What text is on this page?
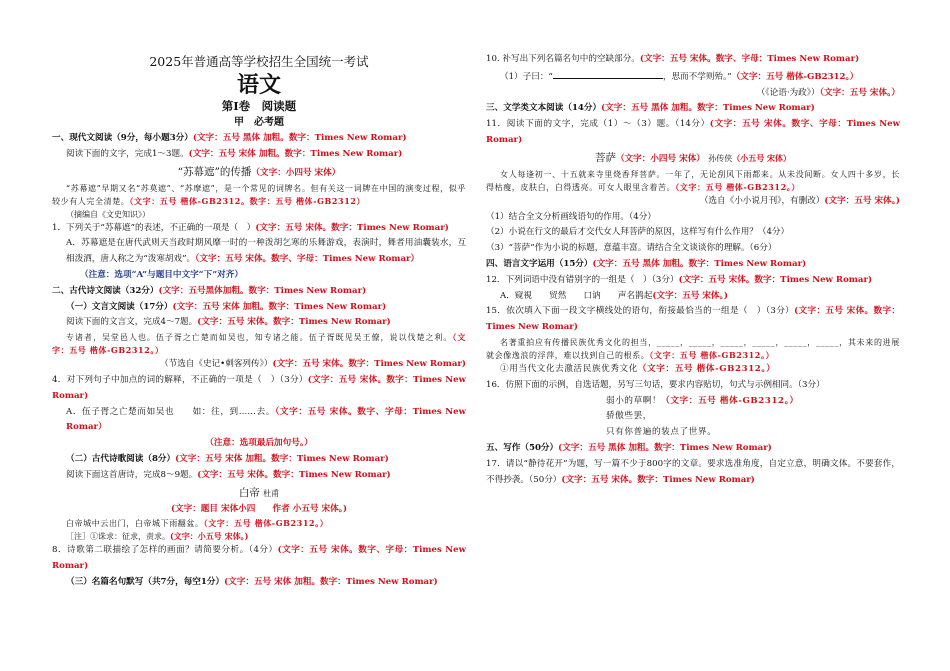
2025年普通高等学校招生全国统一考试
语文
第Ⅰ卷　阅读题
甲　必考题

一、现代文阅读（9分，每小题3分）(文字：五号 黑体 加粗。数字：Times New Romar)

阅读下面的文字，完成1～3题。(文字：五号 宋体 加粗。数字：Times New Romar)

“苏幕遮”的传播（文字：小四号 宋体）

“苏幕遮”早期又名“苏莫遮”、“苏摩遮”，是一个常见的词牌名。但有关这一词牌在中国的演变过程，似乎较少有人完全清楚。（文字：五号 楷体-GB2312。数字：五号 楷体-GB2312）

（摘编自《文史知识》）

1．下列关于“苏幕遮”的表述，不正确的一项是（　）(文字：五号 宋体。数字：Times New Romar)

A．苏幕遮是在唐代武则天当政时期风靡一时的一种泼胡乞寒的乐舞游戏，表演时，舞者用油囊装水，互相泼洒，唐人称之为“泼寒胡戏”。（文字：五号 宋体。数字、字母：Times New Romar）

（注意：选项“A”与题目中文字“下”对齐）

二、古代诗文阅读（32分）(文字：五号黑体加粗。数字：Times New Romar)

（一）文言文阅读（17分）(文字：五号 宋体 加粗。数字：Times New Romar)

阅读下面的文言文，完成4～7题。(文字：五号 宋体。数字：Times New Romar)

专诸者，吴堂邑人也。伍子胥之亡楚而如吴也，知专诸之能。伍子胥既见吴王僚，说以伐楚之利。（文字：五号 楷体-GB2312。）

（节选自《史记•刺客列传》）(文字：五号 宋体。数字：Times New Romar)

4．对下列句子中加点的词的解释，不正确的一项是（　）（3分）(文字：五号 宋体。数字：Times New Romar)

A．伍子胥之亡楚而如吴也　　如：往，到……去。（文字：五号 宋体。数字、字母：Times New Romar）

（注意：选项最后加句号。）

（二）古代诗歌阅读（8分）(文字：五号 宋体 加粗。数字：Times New Romar)

阅读下面这首唐诗，完成8～9题。(文字：五号 宋体。数字：Times New Romar)

白帝 杜甫

(文字：题目 宋体小四　　作者 小五号 宋体。)

白帝城中云出门，白帝城下雨翻盆。（文字：五号 楷体-GB2312。）

［注］①诛求：征求，责求。(文字：小五号 宋体。)

8．诗歌第二联描绘了怎样的画面？请简要分析。（4分）(文字：五号 宋体。数字、字母：Times New Romar)

（三）名篇名句默写（共7分，每空1分）(文字：五号 宋体 加粗。数字：Times New Romar)

10. 补写出下列名篇名句中的空缺部分。(文字：五号 宋体。数字、字母：Times New Romar)

（1）子曰：“	，思而不学则殆。”（文字：五号 楷体-GB2312。）

（《论语·为政》）（文字：五号 宋体。）

三、文学类文本阅读（14分）(文字：五号 黑体 加粗。数字：Times New Romar)

11．阅读下面的文字，完成（1）～（3）题。（14分）(文字：五号 宋体。数字、字母：Times New Romar)

菩萨（文字：小四号 宋体） 孙传侠（小五号 宋体）

女人每逢初一、十五就来寺里烧香拜菩萨。一年了，无论刮风下雨都来。从未没间断。女人四十多岁，长得枯瘦，皮肤白，白得透亮。可女人眼里含着苦。（文字：五号 楷体-GB2312。）

（选自《小小说月刊》，有删改）(文字：五号 宋体。)

（1）结合全文分析画线语句的作用。（4分）

（2）小说在行文的最后才交代女人拜菩萨的原因，这样写有什么作用？（4分）

（3）“菩萨”作为小说的标题，意蕴丰富。请结合全文谈谈你的理解。（6分）

四、语言文字运用（15分）(文字：五号 黑体 加粗。数字：Times New Romar)

12．下列词语中没有错别字的一组是（　）（3分）(文字：五号 宋体。数字：Times New Romar)

A．窥視　　贸然　　口讷　　声名鹊起(文字：五号 宋体。)

15．依次填入下面一段文字横线处的语句，衔接最恰当的一组是（　）（3分）(文字：五号 宋体。数字：Times New Romar)

名著重拍应有传播民族优秀文化的担当，_____，_____，_____，_____，_____，_____，其未来的进展就会像逸浪的浮萍，难以找到自己的根系。（文字：五号 楷体-GB2312。）

①用当代文化去激活民族优秀文化（文字：五号 楷体-GB2312。）

16．仿照下面的示例，自选话题，另写三句话，要求内容贴切，句式与示例相同。（3分）

弱小的草啊！（文字：五号 楷体-GB2312。）

骄傲些罢，

只有你普遍的装点了世界。

五、写作（50分）(文字：五号 黑体 加粗。数字：Times New Romar)

17．请以“静待花开”为题，写一篇不少于800字的文章。要求选准角度，自定立意，明确文体。不要套作，不得抄袭。（50分）(文字：五号 宋体。数字：Times New Romar)
